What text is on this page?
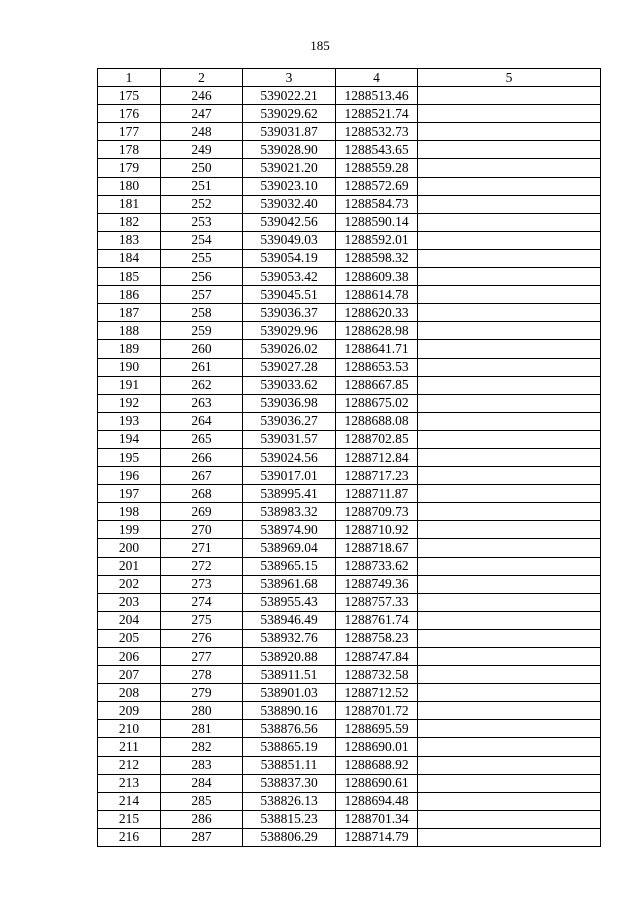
185
1	2	3	4	5
175	246	539022.21	1288513.46	
176	247	539029.62	1288521.74	
177	248	539031.87	1288532.73	
178	249	539028.90	1288543.65	
179	250	539021.20	1288559.28	
180	251	539023.10	1288572.69	
181	252	539032.40	1288584.73	
182	253	539042.56	1288590.14	
183	254	539049.03	1288592.01	
184	255	539054.19	1288598.32	
185	256	539053.42	1288609.38	
186	257	539045.51	1288614.78	
187	258	539036.37	1288620.33	
188	259	539029.96	1288628.98	
189	260	539026.02	1288641.71	
190	261	539027.28	1288653.53	
191	262	539033.62	1288667.85	
192	263	539036.98	1288675.02	
193	264	539036.27	1288688.08	
194	265	539031.57	1288702.85	
195	266	539024.56	1288712.84	
196	267	539017.01	1288717.23	
197	268	538995.41	1288711.87	
198	269	538983.32	1288709.73	
199	270	538974.90	1288710.92	
200	271	538969.04	1288718.67	
201	272	538965.15	1288733.62	
202	273	538961.68	1288749.36	
203	274	538955.43	1288757.33	
204	275	538946.49	1288761.74	
205	276	538932.76	1288758.23	
206	277	538920.88	1288747.84	
207	278	538911.51	1288732.58	
208	279	538901.03	1288712.52	
209	280	538890.16	1288701.72	
210	281	538876.56	1288695.59	
211	282	538865.19	1288690.01	
212	283	538851.11	1288688.92	
213	284	538837.30	1288690.61	
214	285	538826.13	1288694.48	
215	286	538815.23	1288701.34	
216	287	538806.29	1288714.79	
